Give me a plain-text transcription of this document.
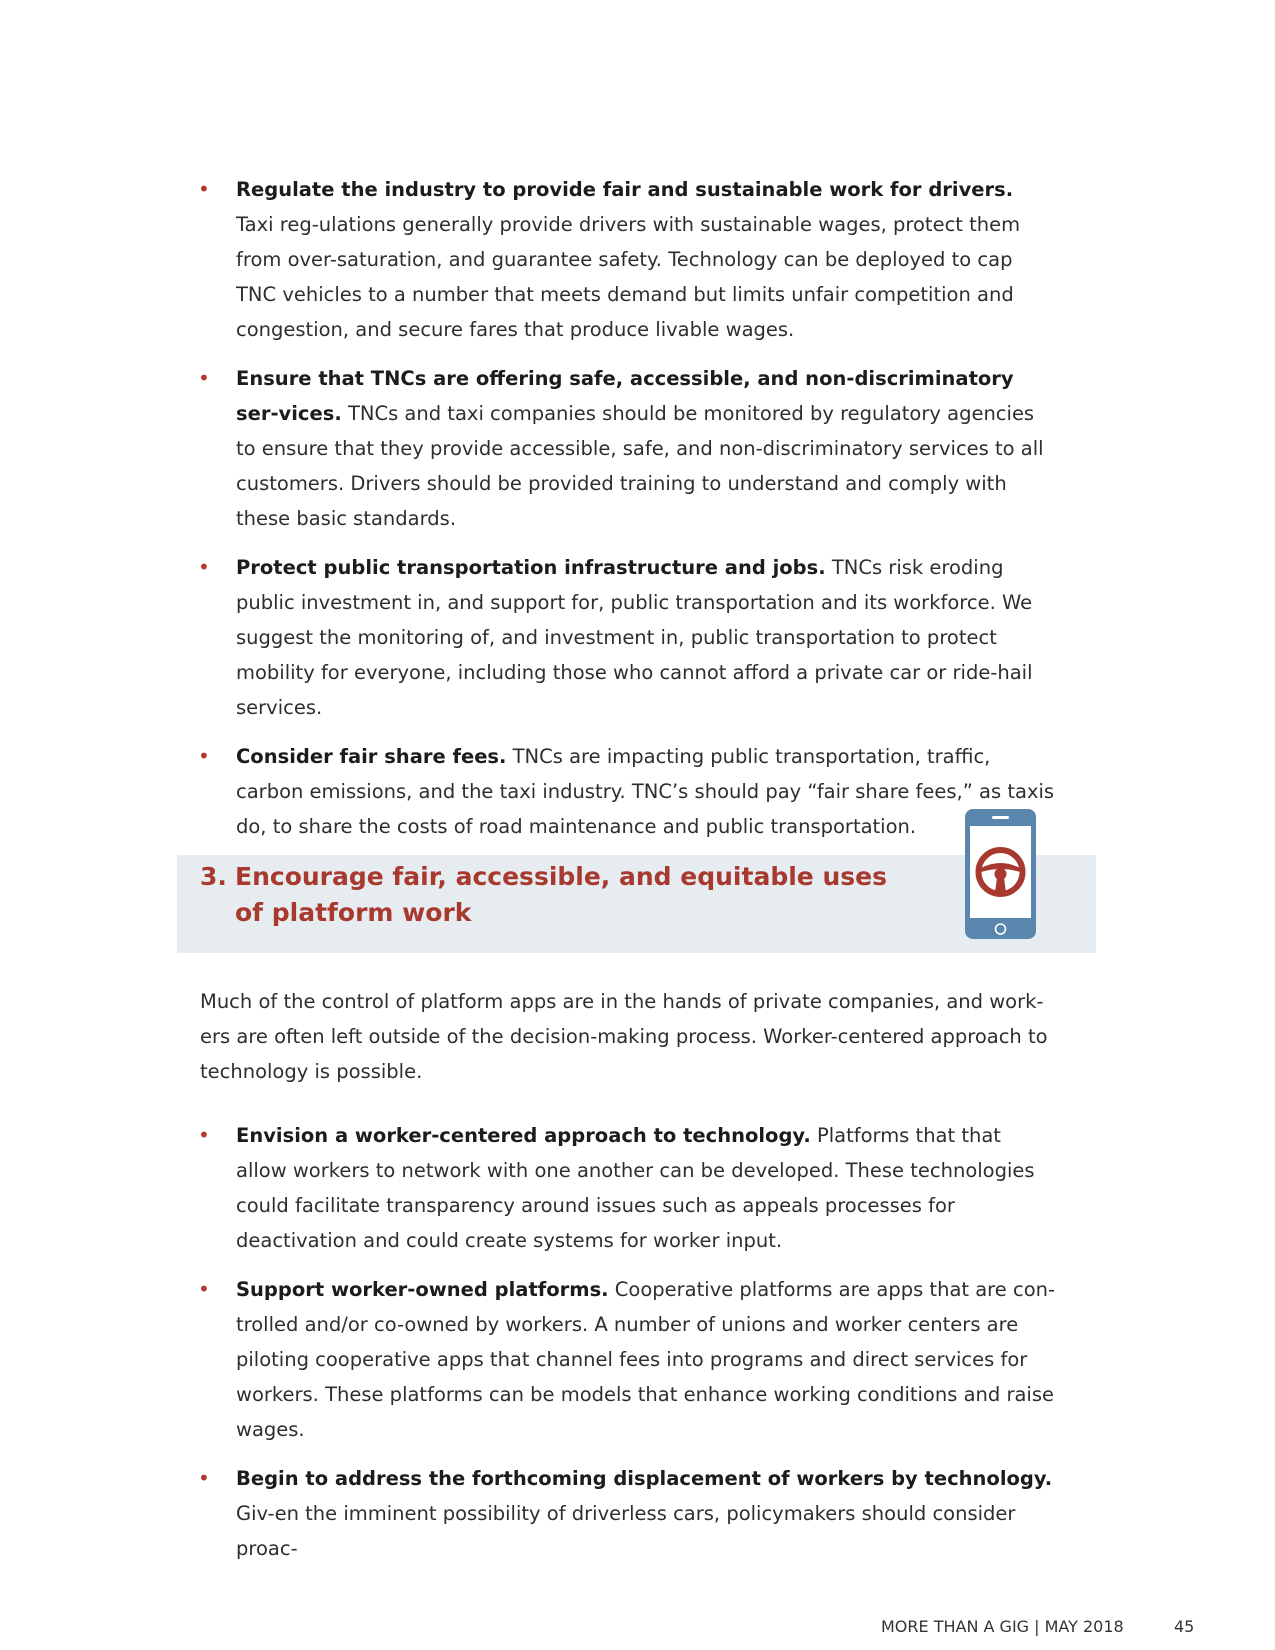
• Regulate the industry to provide fair and sustainable work for drivers. Taxi reg-ulations generally provide drivers with sustainable wages, protect them from over-saturation, and guarantee safety. Technology can be deployed to cap TNC vehicles to a number that meets demand but limits unfair competition and congestion, and secure fares that produce livable wages.
• Ensure that TNCs are offering safe, accessible, and non-discriminatory ser-vices. TNCs and taxi companies should be monitored by regulatory agencies to ensure that they provide accessible, safe, and non-discriminatory services to all customers. Drivers should be provided training to understand and comply with these basic standards.
• Protect public transportation infrastructure and jobs. TNCs risk eroding public investment in, and support for, public transportation and its workforce. We suggest the monitoring of, and investment in, public transportation to protect mobility for everyone, including those who cannot afford a private car or ride-hail services.
• Consider fair share fees. TNCs are impacting public transportation, traffic, carbon emissions, and the taxi industry. TNC’s should pay “fair share fees,” as taxis do, to share the costs of road maintenance and public transportation.
3. Encourage fair, accessible, and equitable uses of platform work

Much of the control of platform apps are in the hands of private companies, and work-ers are often left outside of the decision-making process. Worker-centered approach to technology is possible.

• Envision a worker-centered approach to technology. Platforms that that allow workers to network with one another can be developed. These technologies could facilitate transparency around issues such as appeals processes for deactivation and could create systems for worker input.
• Support worker-owned platforms. Cooperative platforms are apps that are con-trolled and/or co-owned by workers. A number of unions and worker centers are piloting cooperative apps that channel fees into programs and direct services for workers. These platforms can be models that enhance working conditions and raise wages.
• Begin to address the forthcoming displacement of workers by technology. Giv-en the imminent possibility of driverless cars, policymakers should consider proac-
MORE THAN A GIG | MAY 2018	45
